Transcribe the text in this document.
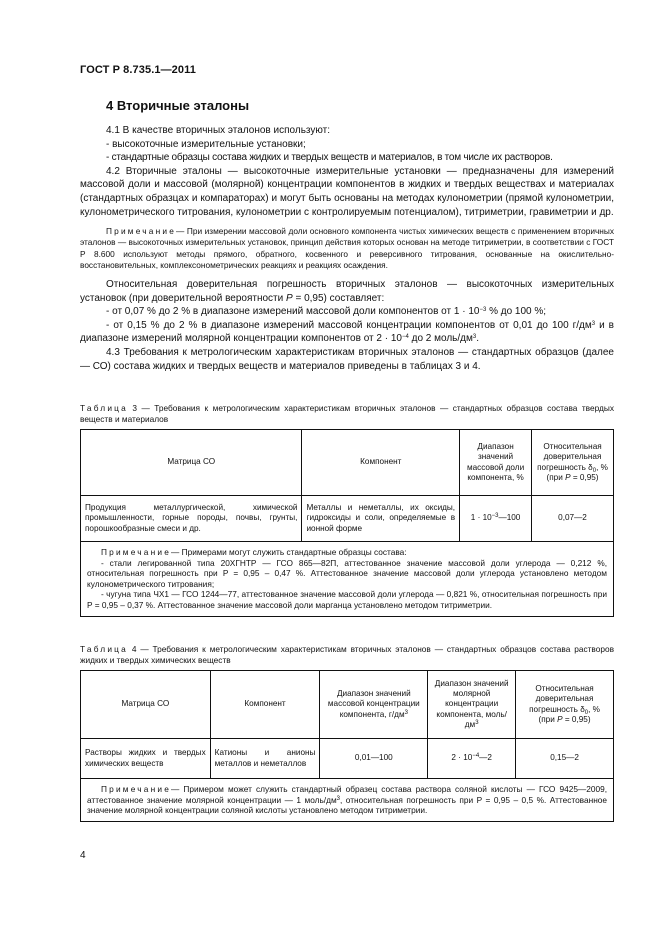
ГОСТ Р 8.735.1—2011
4 Вторичные эталоны

4.1 В качестве вторичных эталонов используют:

- высокоточные измерительные установки;

- стандартные образцы состава жидких и твердых веществ и материалов, в том числе их растворов.

4.2 Вторичные эталоны — высокоточные измерительные установки — предназначены для измерений массовой доли и массовой (молярной) концентрации компонентов в жидких и твердых веществах и материалах (стандартных образцах и компараторах) и могут быть основаны на методах кулонометрии (прямой кулонометрии, кулонометрического титрования, кулонометрии с контролируемым потенциалом), титриметрии, гравиметрии и др.

Примечание— При измерении массовой доли основного компонента чистых химических веществ с применением вторичных эталонов — высокоточных измерительных установок, принцип действия которых основан на методе титриметрии, в соответствии с ГОСТ Р 8.600 используют методы прямого, обратного, косвенного и реверсивного титрования, основанные на окислительно-восстановительных, комплексонометрических реакциях и реакциях осаждения.

Относительная доверительная погрешность вторичных эталонов — высокоточных измерительных установок (при доверительной вероятности P = 0,95) составляет:

- от 0,07 % до 2 % в диапазоне измерений массовой доли компонентов от $1 \cdot 10^{-3}$ % до 100 %;

- от 0,15 % до 2 % в диапазоне измерений массовой концентрации компонентов от 0,01 до 100 $г/дм^3$ и в диапазоне измерений молярной концентрации компонентов от $2 \cdot 10^{-4}$ до 2 моль/$дм^3$.

4.3 Требования к метрологическим характеристикам вторичных эталонов — стандартных образцов (далее — СО) состава жидких и твердых веществ и материалов приведены в таблицах 3 и 4.

Таблица 3 — Требования к метрологическим характеристикам вторичных эталонов — стандартных образцов состава твердых веществ и материалов
Матрица СО	Компонент	Диапазон значений массовой доли компонента, %	Относительная доверительная погрешность $\delta_0$, %
(при P = 0,95)
Продукция металлургической, химической промышленности, горные породы, почвы, грунты, порошкообразные смеси и др.	Металлы и неметаллы, их оксиды, гидроксиды и соли, определяемые в ионной форме	$1 \cdot 10^{-3}—100$	0,07—2

Примечание— Примерами могут служить стандартные образцы состава:
- стали легированной типа 20ХГНТР — ГСО 865—82П, аттестованное значение массовой доли углерода — 0,212 %, относительная погрешность при P = 0,95 – 0,47 %. Аттестованное значение массовой доли углерода установлено методом кулонометрического титрования;
- чугуна типа ЧХ1 — ГСО 1244—77, аттестованное значение массовой доли углерода — 0,821 %, относительная погрешность при P = 0,95 – 0,37 %. Аттестованное значение массовой доли марганца установлено методом титриметрии.			
Таблица 4 — Требования к метрологическим характеристикам вторичных эталонов — стандартных образцов состава растворов жидких и твердых химических веществ
Матрица СО	Компонент	Диапазон значений массовой концентрации компонента, $г/дм^3$	Диапазон значений молярной концентрации компонента, моль/$дм^3$	Относительная доверительная погрешность $\delta_0$, %
(при P = 0,95)
Растворы жидких и твердых химических веществ	Катионы и анионы металлов и неметаллов	0,01—100	$2 \cdot 10^{-4}—2$	0,15—2

Примечание— Примером может служить стандартный образец состава раствора соляной кислоты — ГСО 9425—2009, аттестованное значение молярной концентрации — 1 моль/$дм^3$, относительная погрешность при P = 0,95 – 0,5 %. Аттестованное значение молярной концентрации соляной кислоты установлено методом титриметрии.				
4
